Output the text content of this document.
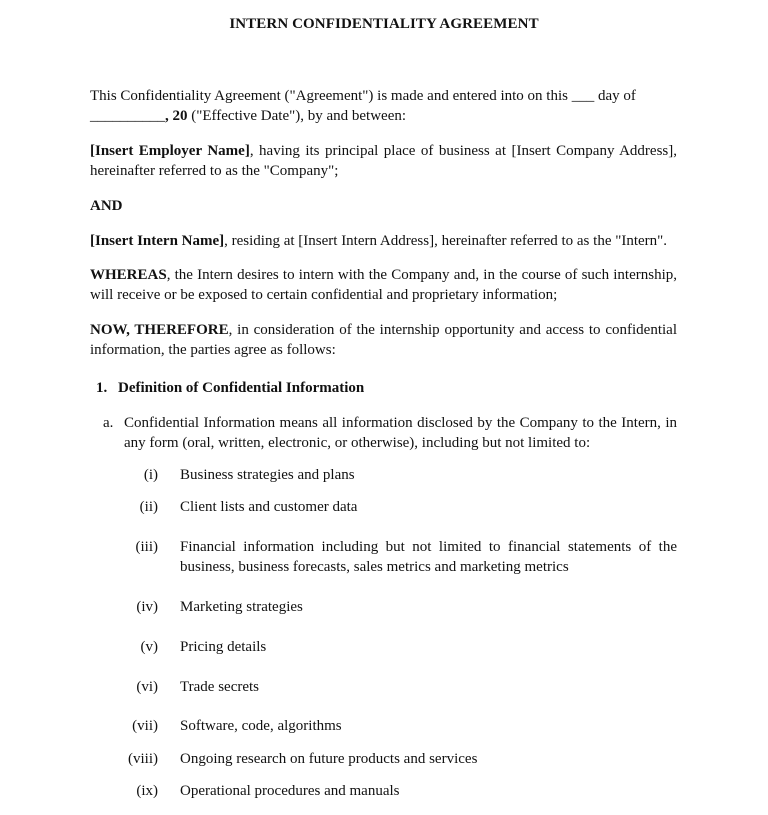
INTERN CONFIDENTIALITY AGREEMENT

This Confidentiality Agreement ("Agreement") is made and entered into on this ___ day of
__________, 20 ("Effective Date"), by and between:

[Insert Employer Name], having its principal place of business at [Insert Company Address], hereinafter referred to as the "Company";

AND

[Insert Intern Name], residing at [Insert Intern Address], hereinafter referred to as the "Intern".

WHEREAS, the Intern desires to intern with the Company and, in the course of such internship, will receive or be exposed to certain confidential and proprietary information;

NOW, THEREFORE, in consideration of the internship opportunity and access to confidential information, the parties agree as follows:

1. Definition of Confidential Information
a. Confidential Information means all information disclosed by the Company to the Intern, in any form (oral, written, electronic, or otherwise), including but not limited to:
(i) Business strategies and plans
(ii) Client lists and customer data
(iii) Financial information including but not limited to financial statements of the business, business forecasts, sales metrics and marketing metrics
(iv) Marketing strategies
(v) Pricing details
(vi) Trade secrets
(vii) Software, code, algorithms
(viii) Ongoing research on future products and services
(ix) Operational procedures and manuals
